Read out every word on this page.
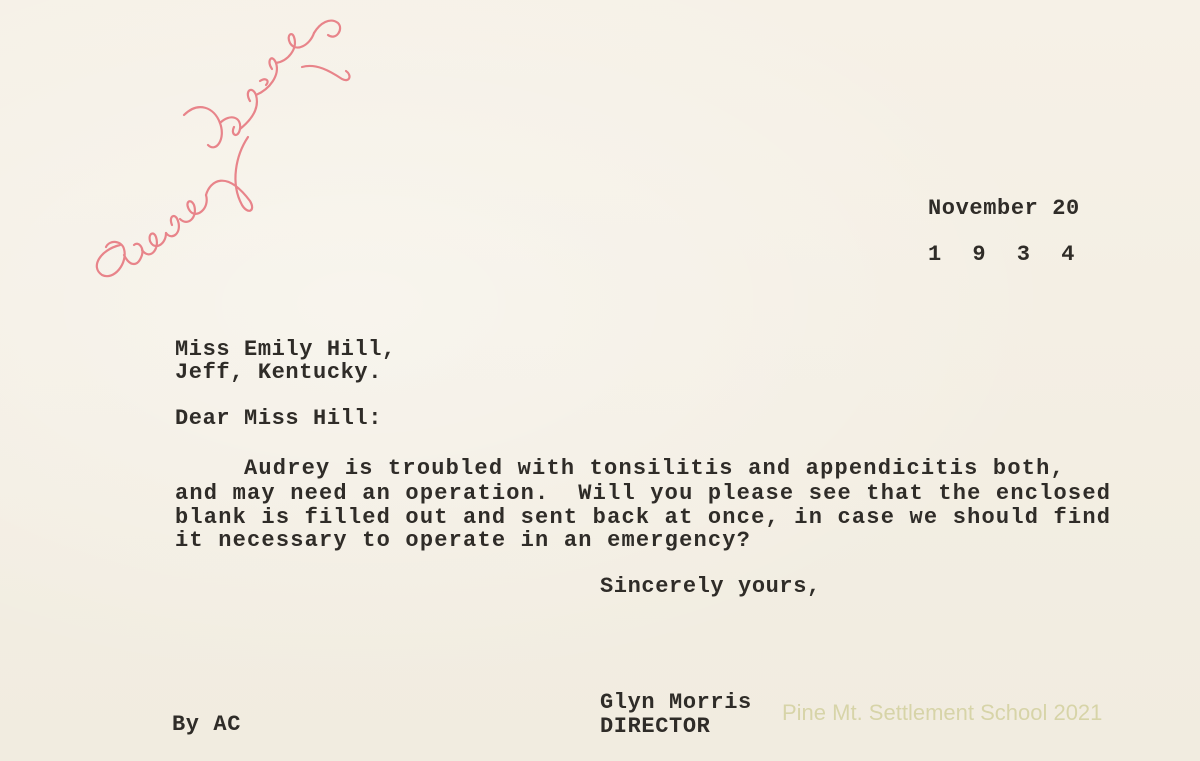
November 20
1 9 3 4
Miss Emily Hill,
Jeff, Kentucky.
Dear Miss Hill:
Audrey is troubled with tonsilitis and appendicitis both,
and may need an operation.  Will you please see that the enclosed
blank is filled out and sent back at once, in case we should find
it necessary to operate in an emergency?
Sincerely yours,
Glyn Morris
DIRECTOR
By AC	Pine Mt. Settlement School 2021
